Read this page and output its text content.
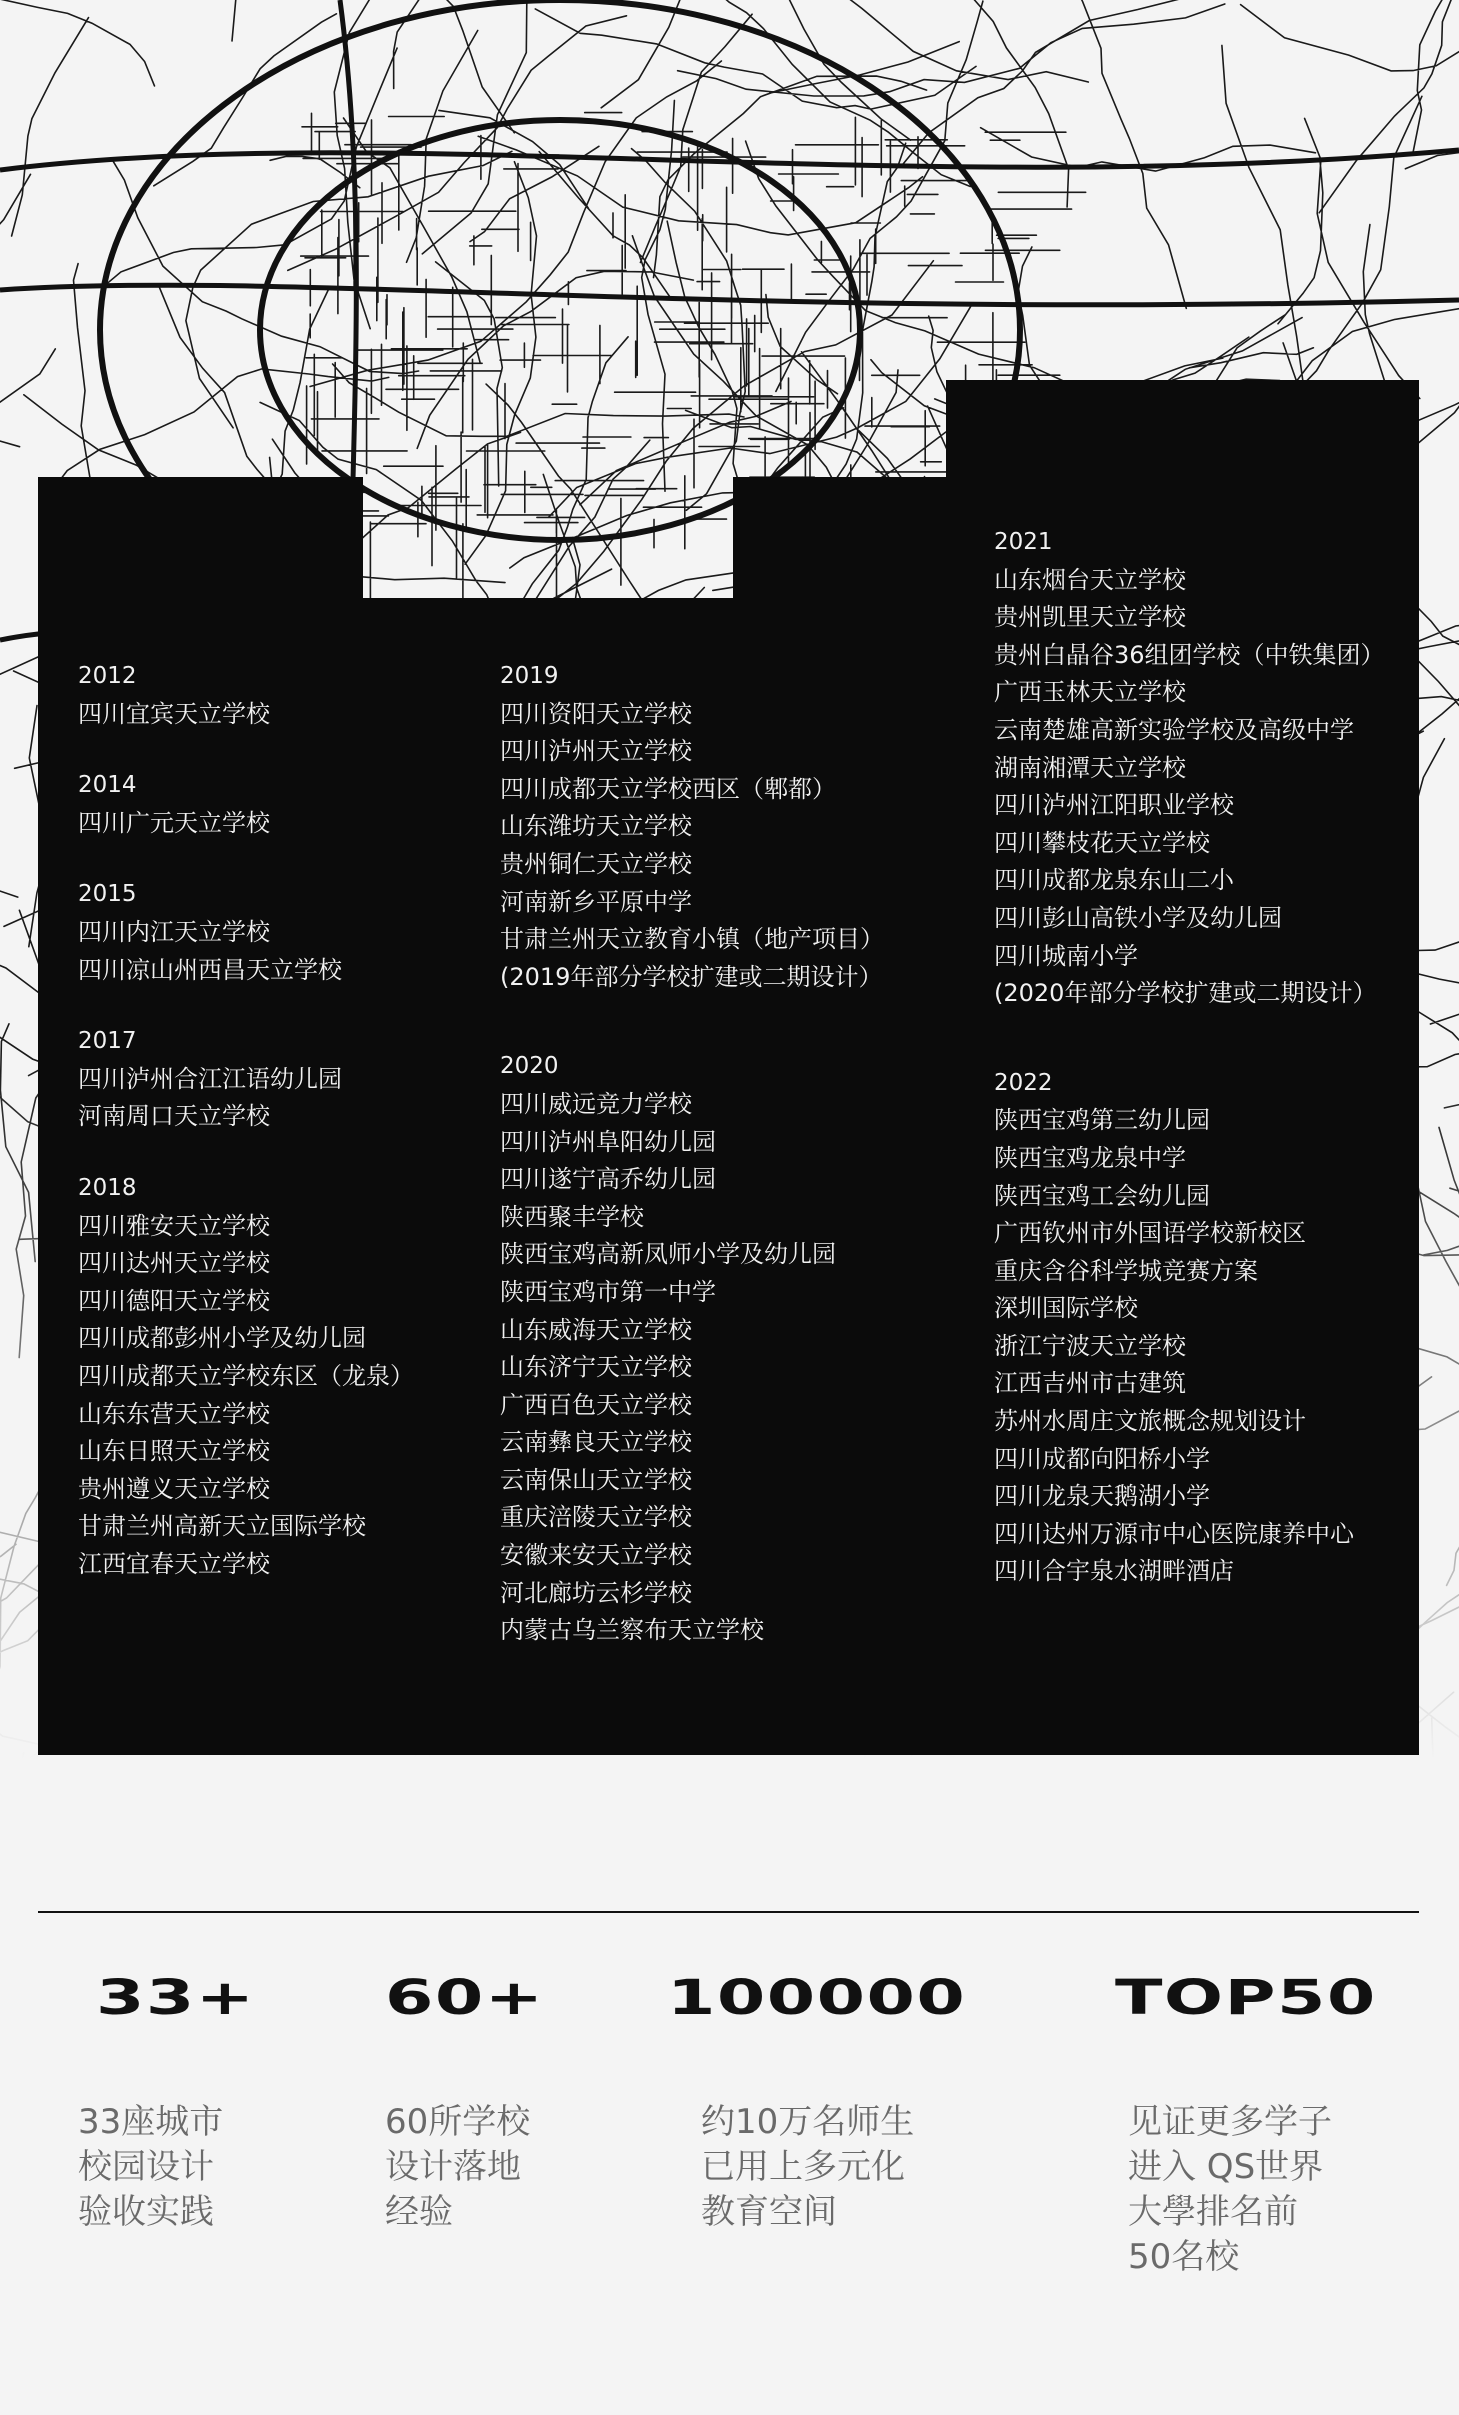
2012
四川宜宾天立学校
2014
四川广元天立学校
2015
四川内江天立学校
四川凉山州西昌天立学校
2017
四川泸州合江江语幼儿园
河南周口天立学校
2018
四川雅安天立学校
四川达州天立学校
四川德阳天立学校
四川成都彭州小学及幼儿园
四川成都天立学校东区（龙泉）
山东东营天立学校
山东日照天立学校
贵州遵义天立学校
甘肃兰州高新天立国际学校
江西宜春天立学校
2019
四川资阳天立学校
四川泸州天立学校
四川成都天立学校西区（郫都）
山东潍坊天立学校
贵州铜仁天立学校
河南新乡平原中学
甘肃兰州天立教育小镇（地产项目）
(2019年部分学校扩建或二期设计）
2020
四川威远竞力学校
四川泸州阜阳幼儿园
四川遂宁高乔幼儿园
陕西聚丰学校
陕西宝鸡高新凤师小学及幼儿园
陕西宝鸡市第一中学
山东威海天立学校
山东济宁天立学校
广西百色天立学校
云南彝良天立学校
云南保山天立学校
重庆涪陵天立学校
安徽来安天立学校
河北廊坊云杉学校
内蒙古乌兰察布天立学校
2021
山东烟台天立学校
贵州凯里天立学校
贵州白晶谷36组团学校（中铁集团）
广西玉林天立学校
云南楚雄高新实验学校及高级中学
湖南湘潭天立学校
四川泸州江阳职业学校
四川攀枝花天立学校
四川成都龙泉东山二小
四川彭山高铁小学及幼儿园
四川城南小学
(2020年部分学校扩建或二期设计）
2022
陕西宝鸡第三幼儿园
陕西宝鸡龙泉中学
陕西宝鸡工会幼儿园
广西钦州市外国语学校新校区
重庆含谷科学城竞赛方案
深圳国际学校
浙江宁波天立学校
江西吉州市古建筑
苏州水周庄文旅概念规划设计
四川成都向阳桥小学
四川龙泉天鹅湖小学
四川达州万源市中心医院康养中心
四川合宇泉水湖畔酒店
33+	60+	100000	TOP50
33座城市
校园设计
验收实践
60所学校
设计落地
经验
约10万名师生
已用上多元化
教育空间
见证更多学子
进入 QS世界
大學排名前
50名校
